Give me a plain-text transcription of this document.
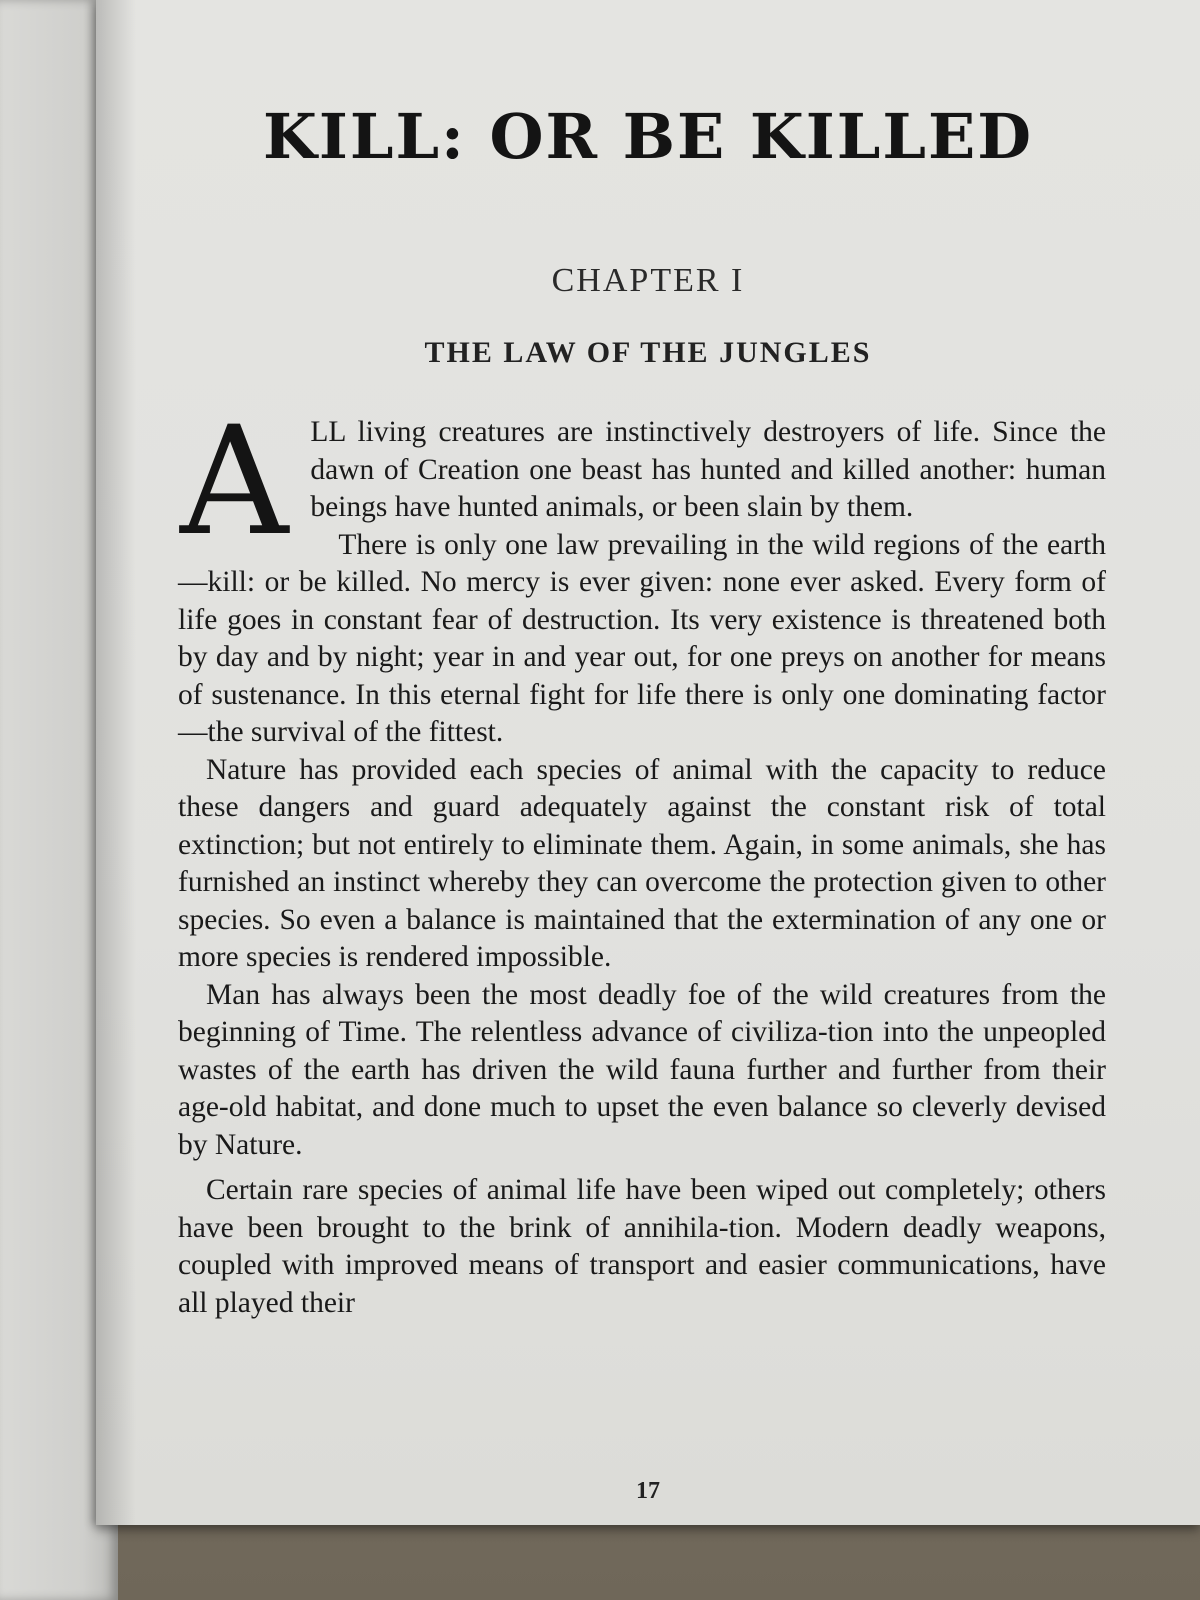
KILL: OR BE KILLED
CHAPTER I
THE LAW OF THE JUNGLES

A LL living creatures are instinctively destroyers of life. Since the dawn of Creation one beast has hunted and killed another: human beings have hunted animals, or been slain by them.

There is only one law prevailing in the wild regions of the earth—kill: or be killed. No mercy is ever given: none ever asked. Every form of life goes in constant fear of destruction. Its very existence is threatened both by day and by night; year in and year out, for one preys on another for means of sustenance. In this eternal fight for life there is only one dominating factor—the survival of the fittest.

Nature has provided each species of animal with the capacity to reduce these dangers and guard adequately against the constant risk of total extinction; but not entirely to eliminate them. Again, in some animals, she has furnished an instinct whereby they can overcome the protection given to other species. So even a balance is maintained that the extermination of any one or more species is rendered impossible.

Man has always been the most deadly foe of the wild creatures from the beginning of Time. The relentless advance of civiliza-tion into the unpeopled wastes of the earth has driven the wild fauna further and further from their age-old habitat, and done much to upset the even balance so cleverly devised by Nature.

Certain rare species of animal life have been wiped out completely; others have been brought to the brink of annihila-tion. Modern deadly weapons, coupled with improved means of transport and easier communications, have all played their

17
